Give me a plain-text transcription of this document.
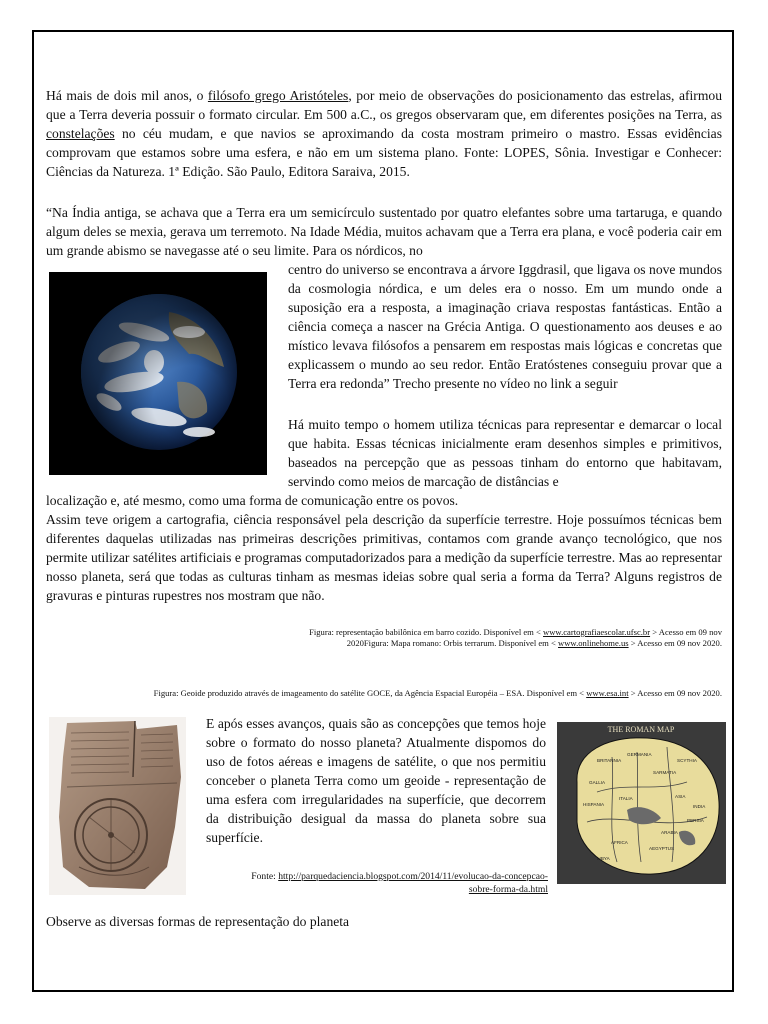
Há mais de dois mil anos, o filósofo grego Aristóteles, por meio de observações do posicionamento das estrelas, afirmou que a Terra deveria possuir o formato circular. Em 500 a.C., os gregos observaram que, em diferentes posições na Terra, as constelações no céu mudam, e que navios se aproximando da costa mostram primeiro o mastro. Essas evidências comprovam que estamos sobre uma esfera, e não em um sistema plano. Fonte: LOPES, Sônia. Investigar e Conhecer: Ciências da Natureza. 1ª Edição. São Paulo, Editora Saraiva, 2015.

“Na Índia antiga, se achava que a Terra era um semicírculo sustentado por quatro elefantes sobre uma tartaruga, e quando algum deles se mexia, gerava um terremoto. Na Idade Média, muitos achavam que a Terra era plana, e você poderia cair em um grande abismo se navegasse até o seu limite. Para os nórdicos, no

centro do universo se encontrava a árvore Iggdrasil, que ligava os nove mundos da cosmologia nórdica, e um deles era o nosso. Em um mundo onde a suposição era a resposta, a imaginação criava respostas fantásticas. Então a ciência começa a nascer na Grécia Antiga. O questionamento aos deuses e ao místico levava filósofos a pensarem em respostas mais lógicas e concretas que explicassem o mundo ao seu redor. Então Eratóstenes conseguiu provar que a Terra era redonda” Trecho presente no vídeo no link a seguir

Há muito tempo o homem utiliza técnicas para representar e demarcar o local que habita. Essas técnicas inicialmente eram desenhos simples e primitivos, baseados na percepção que as pessoas tinham do entorno que habitavam, servindo como meios de marcação de distâncias e

localização e, até mesmo, como uma forma de comunicação entre os povos.

Assim teve origem a cartografia, ciência responsável pela descrição da superfície terrestre. Hoje possuímos técnicas bem diferentes daquelas utilizadas nas primeiras descrições primitivas, contamos com grande avanço tecnológico, que nos permite utilizar satélites artificiais e programas computadorizados para a medição da superfície terrestre. Mas ao representar nosso planeta, será que todas as culturas tinham as mesmas ideias sobre qual seria a forma da Terra? Alguns registros de gravuras e pinturas rupestres nos mostram que não.

Figura: representação babilônica em barro cozido. Disponível em < www.cartografiaescolar.ufsc.br > Acesso em 09 nov 2020Figura: Mapa romano: Orbis terrarum. Disponível em < www.onlinehome.us > Acesso em 09 nov 2020.
Figura: Geoide produzido através de imageamento do satélite GOCE, da Agência Espacial Européia – ESA. Disponível em < www.esa.int > Acesso em 09 nov 2020.

E após esses avanços, quais são as concepções que temos hoje sobre o formato do nosso planeta? Atualmente dispomos do uso de fotos aéreas e imagens de satélite, o que nos permitiu conceber o planeta Terra como um geoide - representação de uma esfera com irregularidades na superfície, que decorrem da distribuição desigual da massa do planeta sobre sua superfície.

Fonte: http://parquedaciencia.blogspot.com/2014/11/evolucao-da-concepcao-sobre-forma-da.html
THE ROMAN MAP
BRITANNIA
GERMANIA
GALLIA
ITALIA
SARMATIA
SCYTHIA
INDIA
ASIA
AFRICA
AEGYPTUS
LIBYA
ARABIA
PERSIA
HISPANIA
Observe as diversas formas de representação do planeta
